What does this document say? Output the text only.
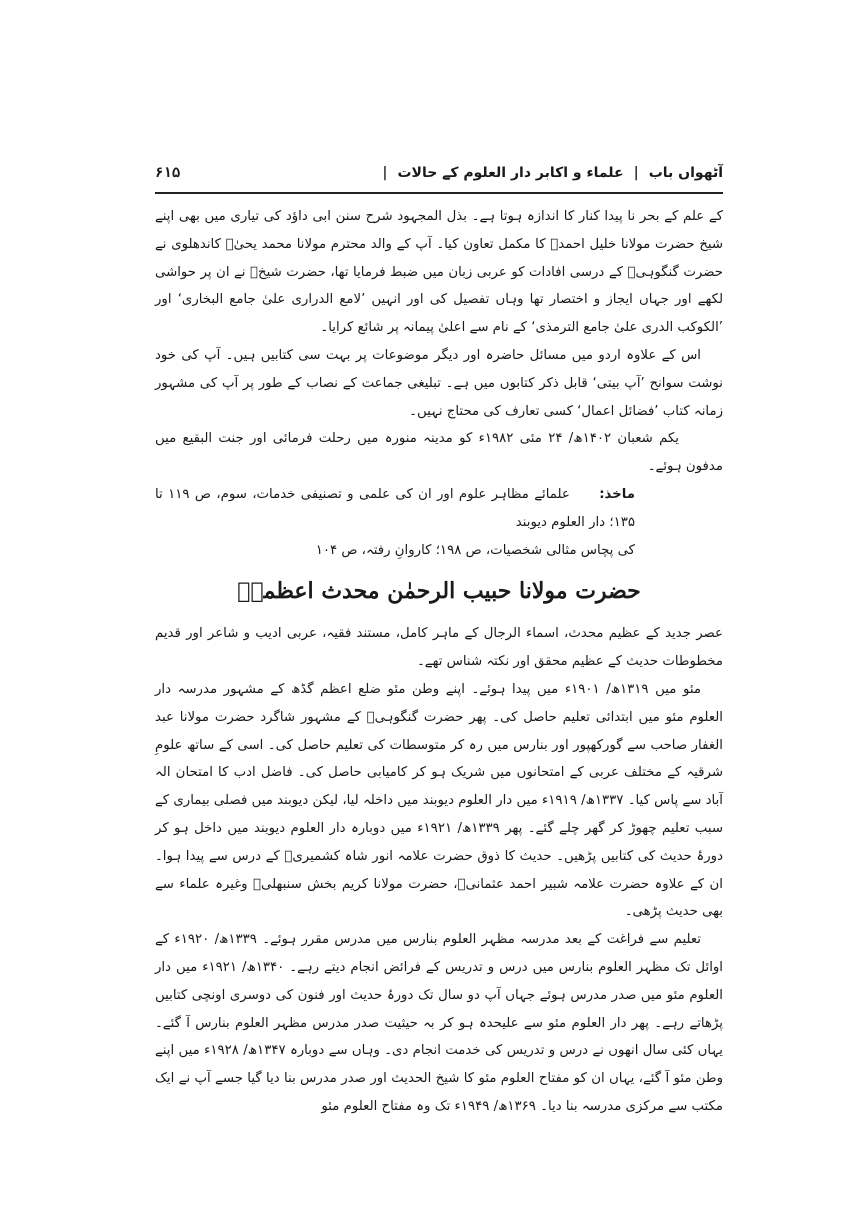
آٹھواں باب
|
علماء و اکابر دار العلوم کے حالات
|
۶۱۵

کے علم کے بحر نا پیدا کنار کا اندازہ ہوتا ہے۔ بذل المجہود شرح سنن ابی داؤد کی تیاری میں بھی اپنے شیخ حضرت مولانا خلیل احمدؒ کا مکمل تعاون کیا۔ آپ کے والد محترم مولانا محمد یحیٰؒ کاندھلوی نے حضرت گنگوہیؒ کے درسی افادات کو عربی زبان میں ضبط فرمایا تھا، حضرت شیخؒ نے ان پر حواشی لکھے اور جہاں ایجاز و اختصار تھا وہاں تفصیل کی اور انہیں ’لامع الدراری علیٰ جامع البخاری‘ اور ’الکوکب الدری علیٰ جامع الترمذی‘ کے نام سے اعلیٰ پیمانہ پر شائع کرایا۔

اس کے علاوہ اردو میں مسائل حاضرہ اور دیگر موضوعات پر بہت سی کتابیں ہیں۔ آپ کی خود نوشت سوانح ’آپ بیتی‘ قابل ذکر کتابوں میں ہے۔ تبلیغی جماعت کے نصاب کے طور پر آپ کی مشہور زمانہ کتاب ’فضائل اعمال‘ کسی تعارف کی محتاج نہیں۔

یکم شعبان ۱۴۰۲ھ/ ۲۴ مئی ۱۹۸۲ء کو مدینہ منورہ میں رحلت فرمائی اور جنت البقیع میں مدفون ہوئے۔

ماخذ: علمائے مظاہر علوم اور ان کی علمی و تصنیفی خدمات، سوم، ص ۱۱۹ تا ۱۳۵؛ دار العلوم دیوبند

کی پچاس مثالی شخصیات، ص ۱۹۸؛ کاروانِ رفتہ، ص ۱۰۴

حضرت مولانا حبیب الرحمٰن محدث اعظمیؒ

عصر جدید کے عظیم محدث، اسماء الرجال کے ماہر کامل، مستند فقیہ، عربی ادیب و شاعر اور قدیم مخطوطات حدیث کے عظیم محقق اور نکتہ شناس تھے۔

مئو میں ۱۳۱۹ھ/ ۱۹۰۱ء میں پیدا ہوئے۔ اپنے وطن مئو ضلع اعظم گڈھ کے مشہور مدرسہ دار العلوم مئو میں ابتدائی تعلیم حاصل کی۔ پھر حضرت گنگوہیؒ کے مشہور شاگرد حضرت مولانا عبد الغفار صاحب سے گورکھپور اور بنارس میں رہ کر متوسطات کی تعلیم حاصل کی۔ اسی کے ساتھ علومِ شرقیہ کے مختلف عربی کے امتحانوں میں شریک ہو کر کامیابی حاصل کی۔ فاضل ادب کا امتحان الہ آباد سے پاس کیا۔ ۱۳۳۷ھ/ ۱۹۱۹ء میں دار العلوم دیوبند میں داخلہ لیا، لیکن دیوبند میں فصلی بیماری کے سبب تعلیم چھوڑ کر گھر چلے گئے۔ پھر ۱۳۳۹ھ/ ۱۹۲۱ء میں دوبارہ دار العلوم دیوبند میں داخل ہو کر دورۂ حدیث کی کتابیں پڑھیں۔ حدیث کا ذوق حضرت علامہ انور شاہ کشمیریؒ کے درس سے پیدا ہوا۔ ان کے علاوہ حضرت علامہ شبیر احمد عثمانیؒ، حضرت مولانا کریم بخش سنبھلیؒ وغیرہ علماء سے بھی حدیث پڑھی۔

تعلیم سے فراغت کے بعد مدرسہ مظہر العلوم بنارس میں مدرس مقرر ہوئے۔ ۱۳۳۹ھ/ ۱۹۲۰ء کے اوائل تک مظہر العلوم بنارس میں درس و تدریس کے فرائض انجام دیتے رہے۔ ۱۳۴۰ھ/ ۱۹۲۱ء میں دار العلوم مئو میں صدر مدرس ہوئے جہاں آپ دو سال تک دورۂ حدیث اور فنون کی دوسری اونچی کتابیں پڑھاتے رہے۔ پھر دار العلوم مئو سے علیحدہ ہو کر بہ حیثیت صدر مدرس مظہر العلوم بنارس آ گئے۔ یہاں کئی سال انھوں نے درس و تدریس کی خدمت انجام دی۔ وہاں سے دوبارہ ۱۳۴۷ھ/ ۱۹۲۸ء میں اپنے وطن مئو آ گئے، یہاں ان کو مفتاح العلوم مئو کا شیخ الحدیث اور صدر مدرس بنا دیا گیا جسے آپ نے ایک مکتب سے مرکزی مدرسہ بنا دیا۔ ۱۳۶۹ھ/ ۱۹۴۹ء تک وہ مفتاح العلوم مئو
